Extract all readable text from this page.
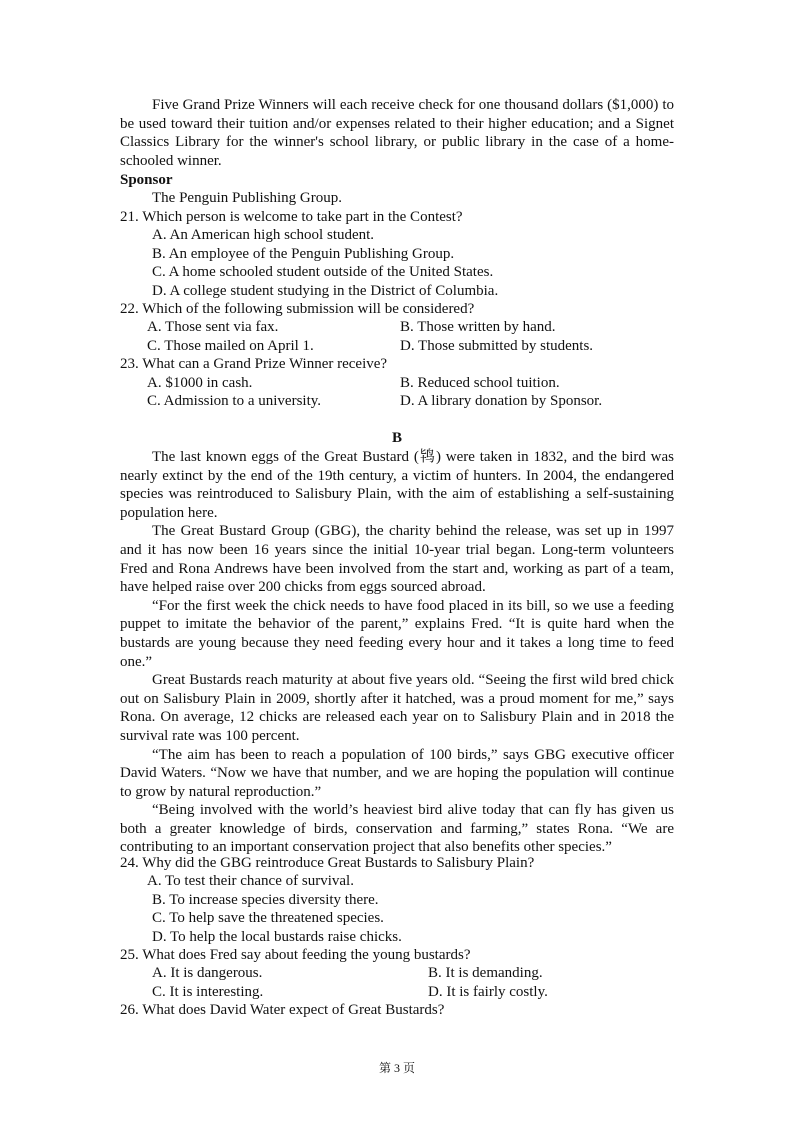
Five Grand Prize Winners will each receive check for one thousand dollars ($1,000) to be used toward their tuition and/or expenses related to their higher education; and a Signet Classics Library for the winner's school library, or public library in the case of a home-schooled winner.

Sponsor
The Penguin Publishing Group.
21. Which person is welcome to take part in the Contest?
A. An American high school student.
B. An employee of the Penguin Publishing Group.
C. A home schooled student outside of the United States.
D. A college student studying in the District of Columbia.
22. Which of the following submission will be considered?
A. Those sent via fax.	B. Those written by hand.
C. Those mailed on April 1.	D. Those submitted by students.
23. What can a Grand Prize Winner receive?
A. $1000 in cash.	B. Reduced school tuition.
C. Admission to a university.	D. A library donation by Sponsor.
B

The last known eggs of the Great Bustard (鸨) were taken in 1832, and the bird was nearly extinct by the end of the 19th century, a victim of hunters. In 2004, the endangered species was reintroduced to Salisbury Plain, with the aim of establishing a self-sustaining population here.

The Great Bustard Group (GBG), the charity behind the release, was set up in 1997 and it has now been 16 years since the initial 10-year trial began. Long-term volunteers Fred and Rona Andrews have been involved from the start and, working as part of a team, have helped raise over 200 chicks from eggs sourced abroad.

“For the first week the chick needs to have food placed in its bill, so we use a feeding puppet to imitate the behavior of the parent,” explains Fred. “It is quite hard when the bustards are young because they need feeding every hour and it takes a long time to feed one.”

Great Bustards reach maturity at about five years old. “Seeing the first wild bred chick out on Salisbury Plain in 2009, shortly after it hatched, was a proud moment for me,” says Rona. On average, 12 chicks are released each year on to Salisbury Plain and in 2018 the survival rate was 100 percent.

“The aim has been to reach a population of 100 birds,” says GBG executive officer David Waters. “Now we have that number, and we are hoping the population will continue to grow by natural reproduction.”

“Being involved with the world’s heaviest bird alive today that can fly has given us both a greater knowledge of birds, conservation and farming,” states Rona. “We are contributing to an important conservation project that also benefits other species.”

24. Why did the GBG reintroduce Great Bustards to Salisbury Plain?
A. To test their chance of survival.
B. To increase species diversity there.
C. To help save the threatened species.
D. To help the local bustards raise chicks.
25. What does Fred say about feeding the young bustards?
A. It is dangerous.	B. It is demanding.
C. It is interesting.	D. It is fairly costly.
26. What does David Water expect of Great Bustards?
第 3 页
